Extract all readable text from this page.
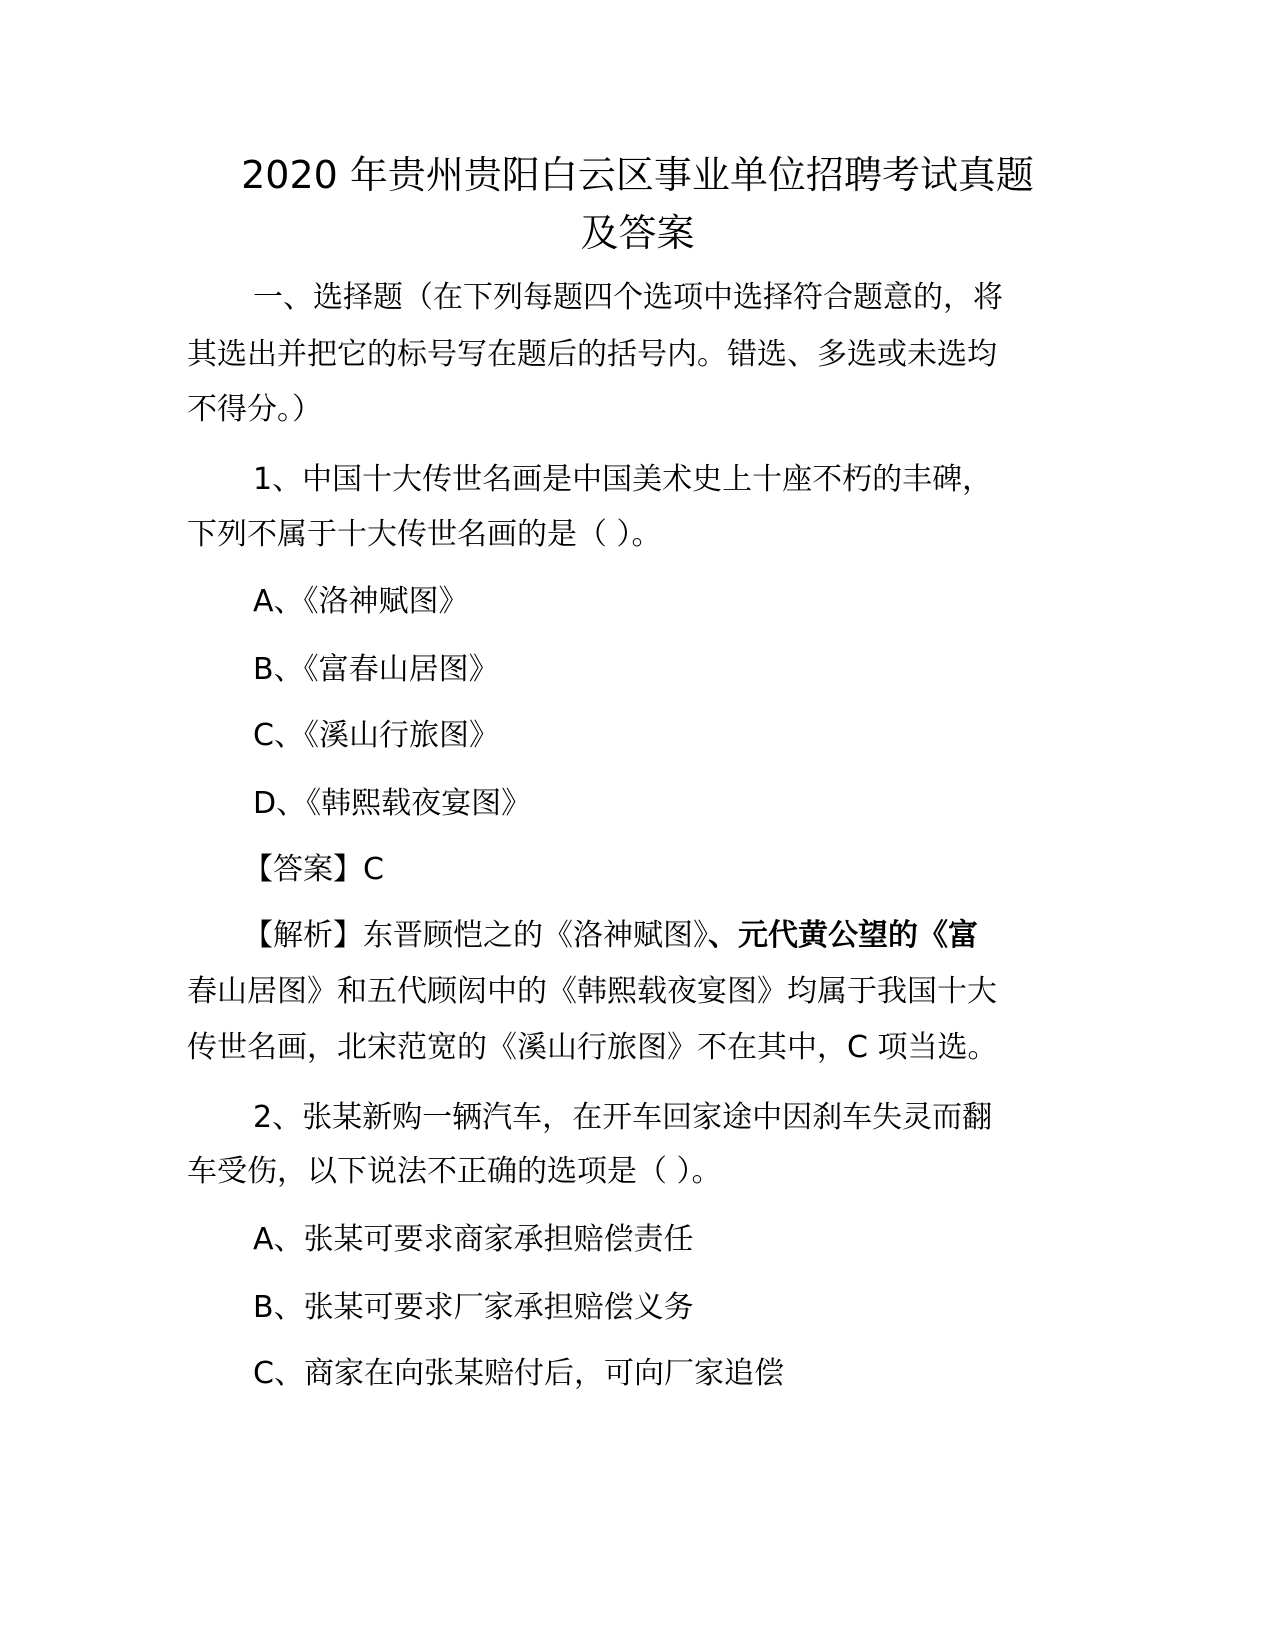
2020 年贵州贵阳白云区事业单位招聘考试真题
及答案

一、选择题（在下列每题四个选项中选择符合题意的，将

其选出并把它的标号写在题后的括号内。错选、多选或未选均

不得分。）

1、中国十大传世名画是中国美术史上十座不朽的丰碑，

下列不属于十大传世名画的是（ ）。

A、《洛神赋图》

B、《富春山居图》

C、《溪山行旅图》

D、《韩熙载夜宴图》

【答案】C

【解析】东晋顾恺之的《洛神赋图》、元代黄公望的《富

春山居图》和五代顾闳中的《韩熙载夜宴图》均属于我国十大

传世名画，北宋范宽的《溪山行旅图》不在其中，C 项当选。

2、张某新购一辆汽车，在开车回家途中因刹车失灵而翻

车受伤，以下说法不正确的选项是（ ）。

A、张某可要求商家承担赔偿责任

B、张某可要求厂家承担赔偿义务

C、商家在向张某赔付后，可向厂家追偿
